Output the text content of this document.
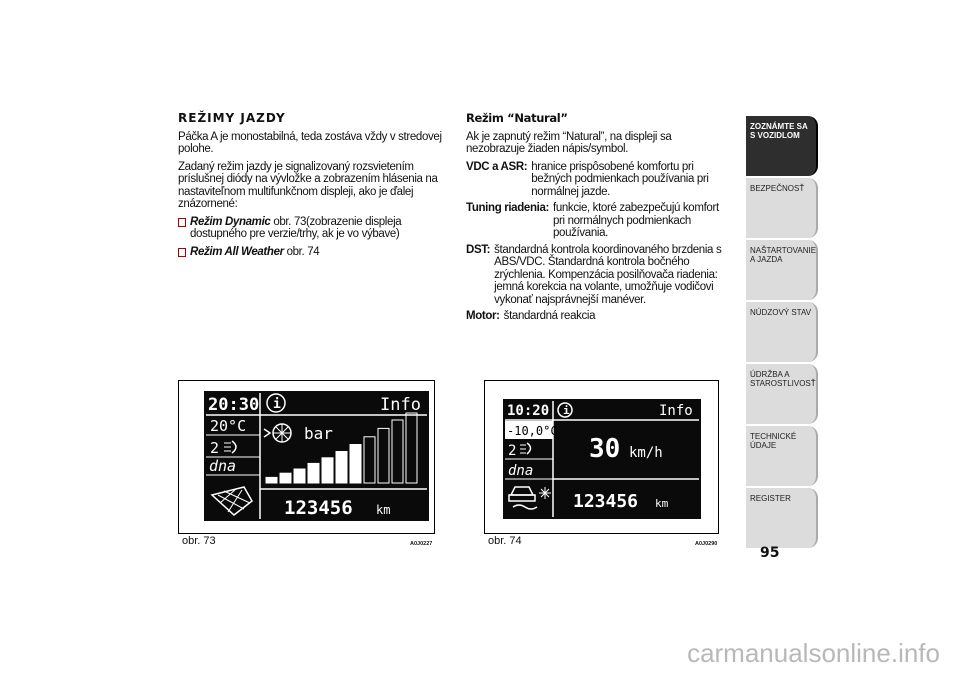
REŽIMY JAZDY

Páčka A je monostabilná, teda zostáva vždy v stredovej polohe.

Zadaný režim jazdy je signalizovaný rozsvietením príslušnej diódy na vývložke a zobrazením hlásenia na nastaviteľnom multifunkčnom displeji, ako je ďalej znázornené:

Režim Dynamic obr. 73(zobrazenie displeja dostupného pre verzie/trhy, ak je vo výbave)
Režim All Weather obr. 74
Režim “Natural”

Ak je zapnutý režim “Natural”, na displeji sa nezobrazuje žiaden nápis/symbol.

VDC a ASR: hranice prispôsobené komfortu pri bežných podmienkach používania pri normálnej jazde.
Tuning riadenia: funkcie, ktoré zabezpečujú komfort pri normálnych podmienkach používania.
DST: štandardná kontrola koordinovaného brzdenia s ABS/VDC. Štandardná kontrola bočného zrýchlenia. Kompenzácia posilňovača riadenia: jemná korekcia na volante, umožňuje vodičovi vykonať najsprávnejší manéver.
Motor: štandardná reakcia
20:30 i	Info
20°C
2
dna
bar
123456 km
obr. 73	A0J0227
10:20 i	Info
-10,0°C
2
dna
30 km/h
123456 km
obr. 74	A0J0290
ZOZNÁMTE SA S VOZIDLOM
BEZPEČNOSŤ
NAŠTARTOVANIE A JAZDA
NÚDZOVÝ STAV
ÚDRŽBA A STAROSTLIVOSŤ
TECHNICKÉ ÚDAJE
REGISTER
95
carmanualsonline.info
